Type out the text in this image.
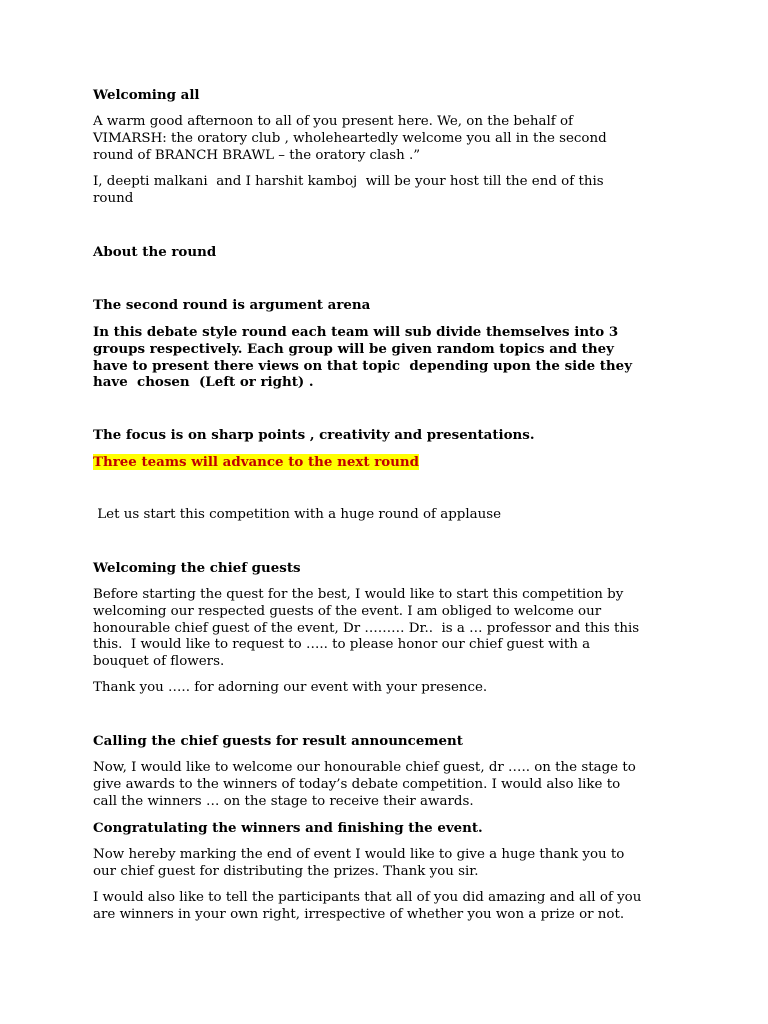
Welcoming all
A warm good afternoon to all of you present here. We, on the behalf of
VIMARSH: the oratory club , wholeheartedly welcome you all in the second
round of BRANCH BRAWL – the oratory clash .”
I, deepti malkani  and I harshit kamboj  will be your host till the end of this
round
About the round
The second round is argument arena
In this debate style round each team will sub divide themselves into 3
groups respectively. Each group will be given random topics and they
have to present there views on that topic  depending upon the side they
have  chosen  (Left or right) .
The focus is on sharp points , creativity and presentations.
Three teams will advance to the next round
Let us start this competition with a huge round of applause
Welcoming the chief guests
Before starting the quest for the best, I would like to start this competition by
welcoming our respected guests of the event. I am obliged to welcome our
honourable chief guest of the event, Dr ……… Dr..  is a … professor and this this
this.  I would like to request to ….. to please honor our chief guest with a
bouquet of flowers.
Thank you ….. for adorning our event with your presence.
Calling the chief guests for result announcement
Now, I would like to welcome our honourable chief guest, dr ….. on the stage to
give awards to the winners of today’s debate competition. I would also like to
call the winners … on the stage to receive their awards.
Congratulating the winners and finishing the event.
Now hereby marking the end of event I would like to give a huge thank you to
our chief guest for distributing the prizes. Thank you sir.
I would also like to tell the participants that all of you did amazing and all of you
are winners in your own right, irrespective of whether you won a prize or not.
